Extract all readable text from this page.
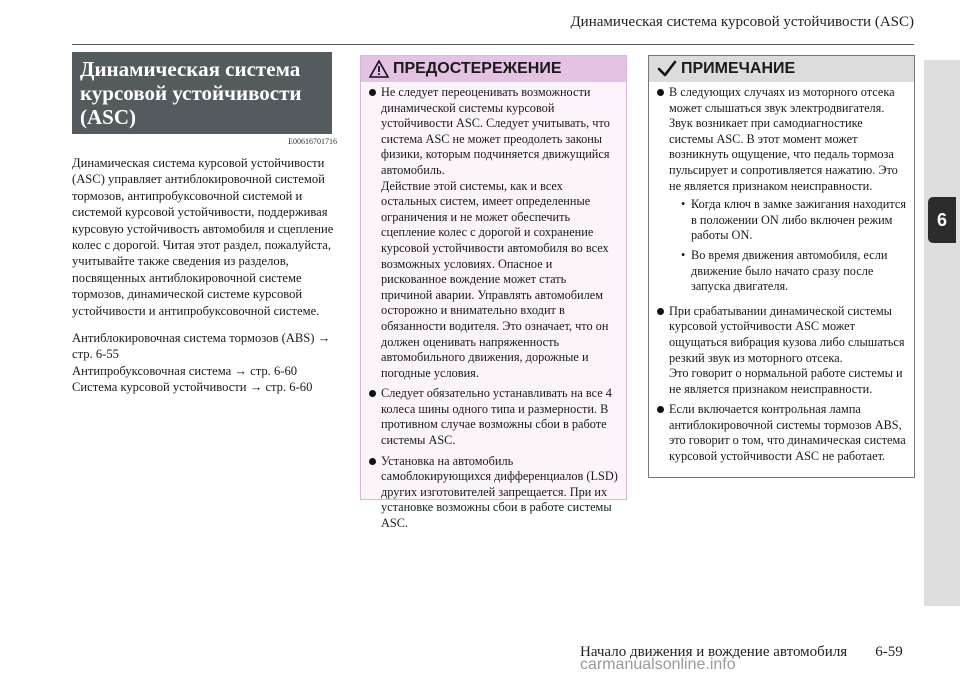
Динамическая система курсовой устойчивости (ASC)
6
Динамическая система курсовой устойчивости (ASC)
E00616701716

Динамическая система курсовой устойчивости (ASC) управляет антиблокировочной системой тормозов, антипробуксовочной системой и системой курсовой устойчивости, поддерживая курсовую устойчивость автомобиля и сцепление колес с дорогой. Читая этот раздел, пожалуйста, учитывайте также сведения из разделов, посвященных антиблокировочной системе тормозов, динамической системе курсовой устойчивости и антипробуксовочной системе.

Антиблокировочная система тормозов (ABS) → стр. 6-55
Антипробуксовочная система → стр. 6-60
Система курсовой устойчивости → стр. 6-60
ПРЕДОСТЕРЕЖЕНИЕ
Не следует переоценивать возможности динамической системы курсовой устойчивости ASC. Следует учитывать, что система ASC не может преодолеть законы физики, которым подчиняется движущийся автомобиль.
Действие этой системы, как и всех остальных систем, имеет определенные ограничения и не может обеспечить сцепление колес с дорогой и сохранение курсовой устойчивости автомобиля во всех возможных условиях. Опасное и рискованное вождение может стать причиной аварии. Управлять автомобилем осторожно и внимательно входит в обязанности водителя. Это означает, что он должен оценивать напряженность автомобильного движения, дорожные и погодные условия.
Следует обязательно устанавливать на все 4 колеса шины одного типа и размерности. В противном случае возможны сбои в работе системы ASC.
Установка на автомобиль самоблокирующихся дифференциалов (LSD) других изготовителей запрещается. При их установке возможны сбои в работе системы ASC.
ПРИМЕЧАНИЕ
В следующих случаях из моторного отсека может слышаться звук электродвигателя. Звук возникает при самодиагностике системы ASC. В этот момент может возникнуть ощущение, что педаль тормоза пульсирует и сопротивляется нажатию. Это не является признаком неисправности.
• Когда ключ в замке зажигания находится в положении ON либо включен режим работы ON.
• Во время движения автомобиля, если движение было начато сразу после запуска двигателя.
При срабатывании динамической системы курсовой устойчивости ASC может ощущаться вибрация кузова либо слышаться резкий звук из моторного отсека.
Это говорит о нормальной работе системы и не является признаком неисправности.
Если включается контрольная лампа антиблокировочной системы тормозов ABS, это говорит о том, что динамическая система курсовой устойчивости ASC не работает.
Начало движения и вождение автомобиля 6-59
carmanualsonline.info
